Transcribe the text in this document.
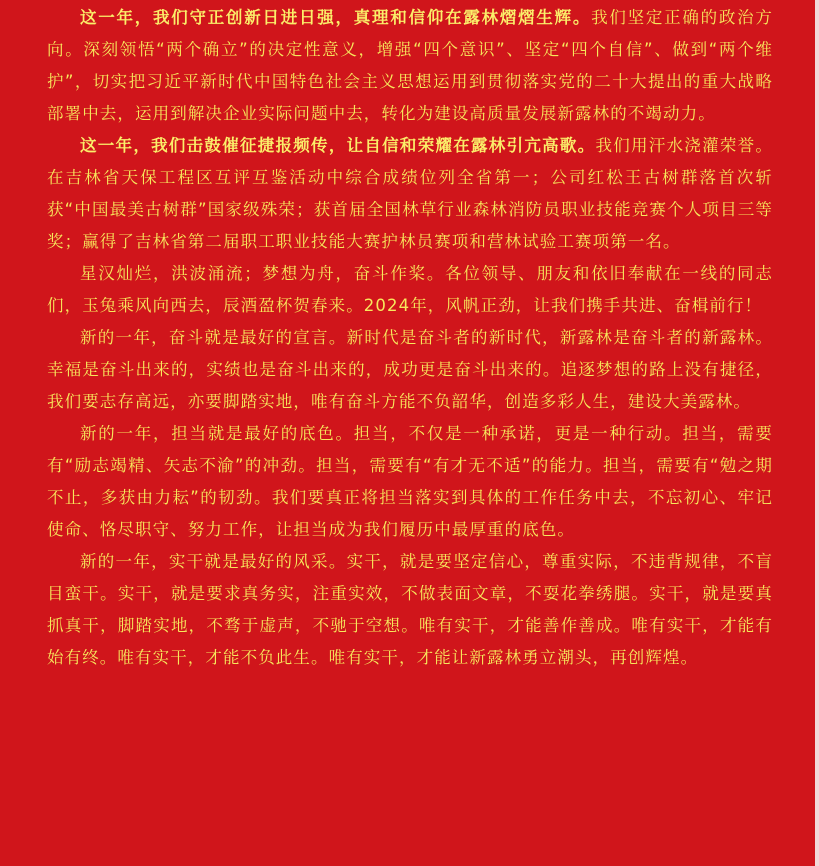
这一年，我们守正创新日进日强，真理和信仰在露林熠熠生辉。我们坚定正确的政治方向。深刻领悟“两个确立”的决定性意义，增强“四个意识”、坚定“四个自信”、做到“两个维护”，切实把习近平新时代中国特色社会主义思想运用到贯彻落实党的二十大提出的重大战略部署中去，运用到解决企业实际问题中去，转化为建设高质量发展新露林的不竭动力。

这一年，我们击鼓催征捷报频传，让自信和荣耀在露林引亢高歌。我们用汗水浇灌荣誉。在吉林省天保工程区互评互鉴活动中综合成绩位列全省第一；公司红松王古树群落首次斩获“中国最美古树群”国家级殊荣；获首届全国林草行业森林消防员职业技能竞赛个人项目三等奖；赢得了吉林省第二届职工职业技能大赛护林员赛项和营林试验工赛项第一名。

星汉灿烂，洪波涌流；梦想为舟，奋斗作桨。各位领导、朋友和依旧奉献在一线的同志们，玉兔乘风向西去，辰酒盈杯贺春来。2024年，风帆正劲，让我们携手共进、奋楫前行！

新的一年，奋斗就是最好的宣言。新时代是奋斗者的新时代，新露林是奋斗者的新露林。幸福是奋斗出来的，实绩也是奋斗出来的，成功更是奋斗出来的。追逐梦想的路上没有捷径，我们要志存高远，亦要脚踏实地，唯有奋斗方能不负韶华，创造多彩人生，建设大美露林。

新的一年，担当就是最好的底色。担当，不仅是一种承诺，更是一种行动。担当，需要有“励志竭精、矢志不渝”的冲劲。担当，需要有“有才无不适”的能力。担当，需要有“勉之期不止，多获由力耘”的韧劲。我们要真正将担当落实到具体的工作任务中去，不忘初心、牢记使命、恪尽职守、努力工作，让担当成为我们履历中最厚重的底色。

新的一年，实干就是最好的风采。实干，就是要坚定信心，尊重实际，不违背规律，不盲目蛮干。实干，就是要求真务实，注重实效，不做表面文章，不耍花拳绣腿。实干，就是要真抓真干，脚踏实地，不骛于虚声，不驰于空想。唯有实干，才能善作善成。唯有实干，才能有始有终。唯有实干，才能不负此生。唯有实干，才能让新露林勇立潮头，再创辉煌。
